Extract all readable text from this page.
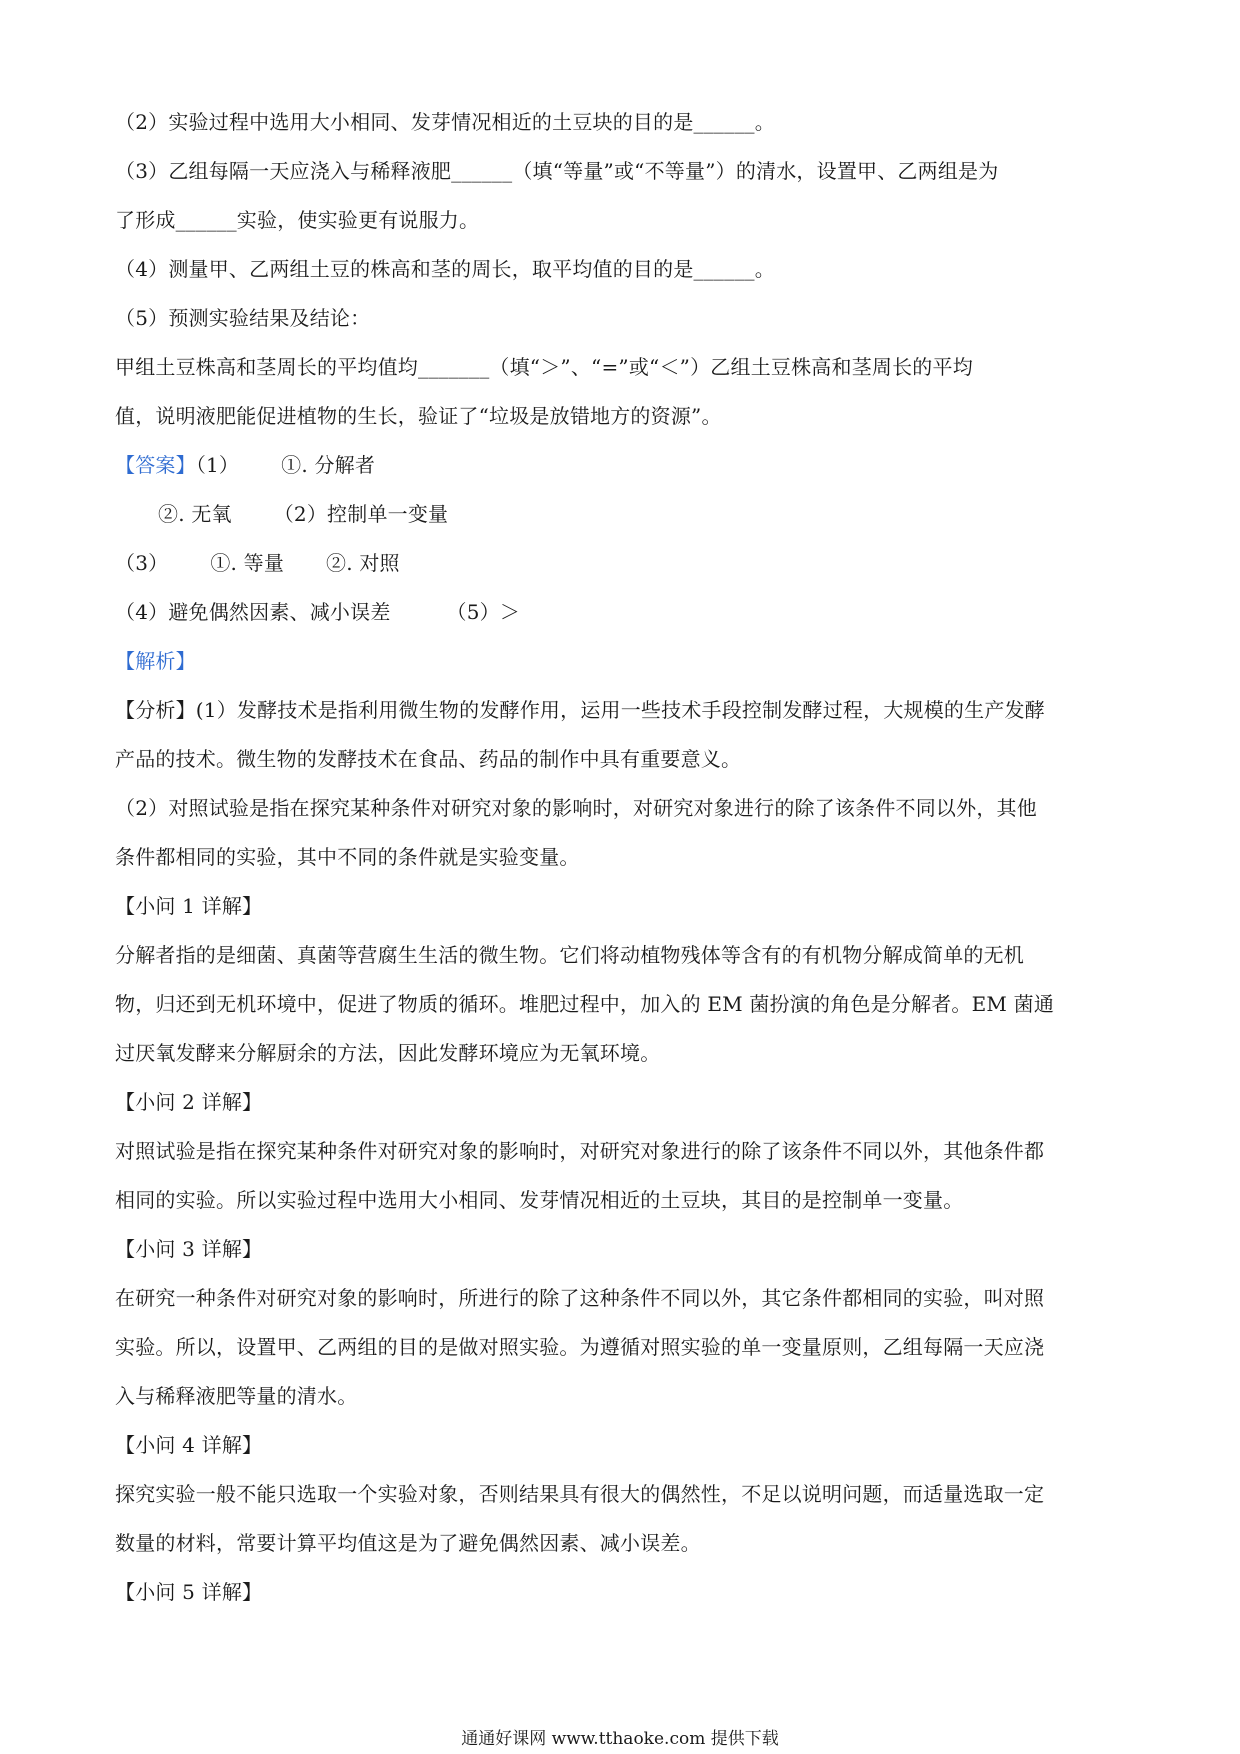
（2）实验过程中选用大小相同、发芽情况相近的土豆块的目的是______。
（3）乙组每隔一天应浇入与稀释液肥______（填“等量”或“不等量”）的清水，设置甲、乙两组是为
了形成______实验，使实验更有说服力。
（4）测量甲、乙两组土豆的株高和茎的周长，取平均值的目的是______。
（5）预测实验结果及结论：
甲组土豆株高和茎周长的平均值均_______（填“＞”、“=”或“＜”）乙组土豆株高和茎周长的平均
值，说明液肥能促进植物的生长，验证了“垃圾是放错地方的资源”。
【答案】（1） ①. 分解者
②. 无氧 （2）控制单一变量
（3） ①. 等量 ②. 对照
（4）避免偶然因素、减小误差	（5）＞
【解析】
【分析】(1）发酵技术是指利用微生物的发酵作用，运用一些技术手段控制发酵过程，大规模的生产发酵
产品的技术。微生物的发酵技术在食品、药品的制作中具有重要意义。
（2）对照试验是指在探究某种条件对研究对象的影响时，对研究对象进行的除了该条件不同以外，其他
条件都相同的实验，其中不同的条件就是实验变量。
【小问 1 详解】
分解者指的是细菌、真菌等营腐生生活的微生物。它们将动植物残体等含有的有机物分解成简单的无机
物，归还到无机环境中，促进了物质的循环。堆肥过程中，加入的 EM 菌扮演的角色是分解者。EM 菌通
过厌氧发酵来分解厨余的方法，因此发酵环境应为无氧环境。
【小问 2 详解】
对照试验是指在探究某种条件对研究对象的影响时，对研究对象进行的除了该条件不同以外，其他条件都
相同的实验。所以实验过程中选用大小相同、发芽情况相近的土豆块，其目的是控制单一变量。
【小问 3 详解】
在研究一种条件对研究对象的影响时，所进行的除了这种条件不同以外，其它条件都相同的实验，叫对照
实验。所以，设置甲、乙两组的目的是做对照实验。为遵循对照实验的单一变量原则，乙组每隔一天应浇
入与稀释液肥等量的清水。
【小问 4 详解】
探究实验一般不能只选取一个实验对象，否则结果具有很大的偶然性，不足以说明问题，而适量选取一定
数量的材料，常要计算平均值这是为了避免偶然因素、减小误差。
【小问 5 详解】
通通好课网 www.tthaoke.com 提供下载
